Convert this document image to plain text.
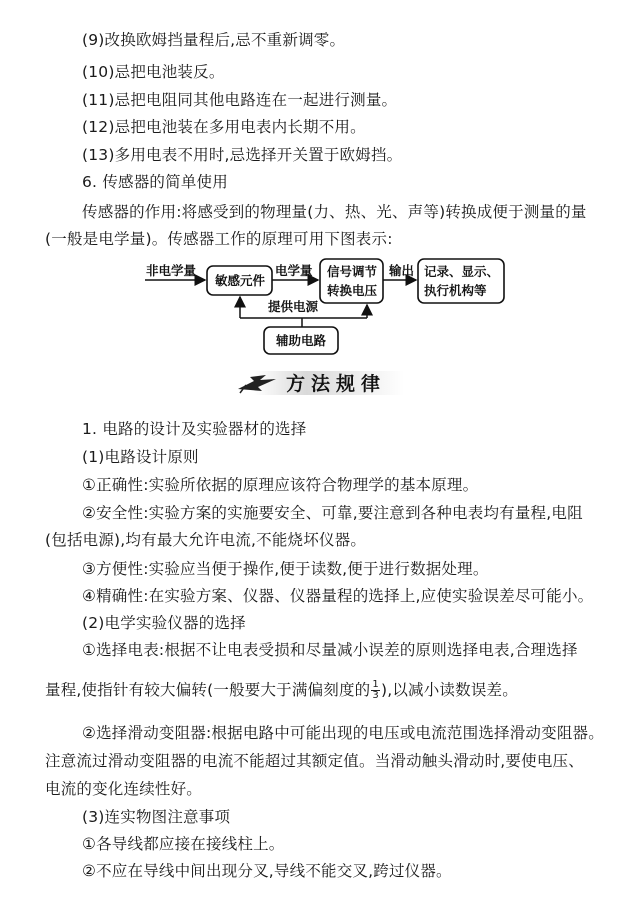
(9)改换欧姆挡量程后,忌不重新调零。
(10)忌把电池装反。
(11)忌把电阻同其他电路连在一起进行测量。
(12)忌把电池装在多用电表内长期不用。
(13)多用电表不用时,忌选择开关置于欧姆挡。
6. 传感器的简单使用
传感器的作用:将感受到的物理量(力、热、光、声等)转换成便于测量的量
(一般是电学量)。传感器工作的原理可用下图表示:
非电学量
敏感元件
电学量 信号调节
转换电压
输出 记录、显示、
执行机构等
提供电源
辅助电路
方法规律
1. 电路的设计及实验器材的选择
(1)电路设计原则
①正确性:实验所依据的原理应该符合物理学的基本原理。
②安全性:实验方案的实施要安全、可靠,要注意到各种电表均有量程,电阻
(包括电源),均有最大允许电流,不能烧坏仪器。
③方便性:实验应当便于操作,便于读数,便于进行数据处理。
④精确性:在实验方案、仪器、仪器量程的选择上,应使实验误差尽可能小。
(2)电学实验仪器的选择
①选择电表:根据不让电表受损和尽量减小误差的原则选择电表,合理选择
量程,使指针有较大偏转(一般要大于满偏刻度的 $\frac{1}{3}$ ),以减小读数误差。
②选择滑动变阻器:根据电路中可能出现的电压或电流范围选择滑动变阻器。
注意流过滑动变阻器的电流不能超过其额定值。当滑动触头滑动时,要使电压、
电流的变化连续性好。
(3)连实物图注意事项
①各导线都应接在接线柱上。
②不应在导线中间出现分叉,导线不能交叉,跨过仪器。
